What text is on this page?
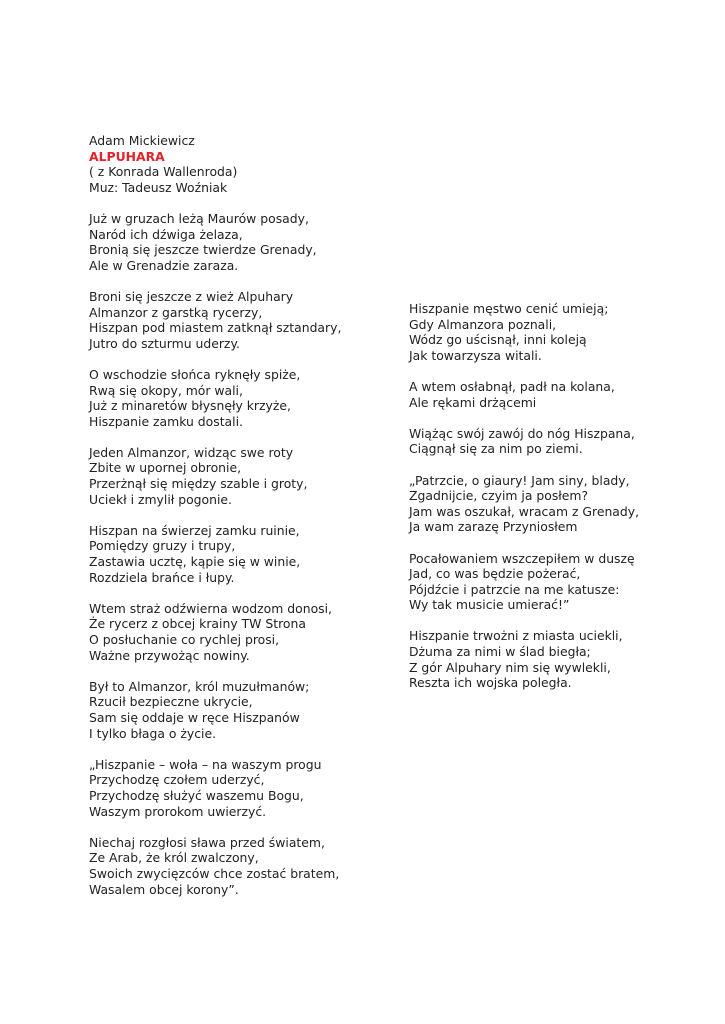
Adam Mickiewicz
ALPUHARA
( z Konrada Wallenroda)
Muz: Tadeusz Woźniak
Już w gruzach leżą Maurów posady,
Naród ich dźwiga żelaza,
Bronią się jeszcze twierdze Grenady,
Ale w Grenadzie zaraza.
Broni się jeszcze z wież Alpuhary
Almanzor z garstką rycerzy,
Hiszpan pod miastem zatknął sztandary,
Jutro do szturmu uderzy.
O wschodzie słońca ryknęły spiże,
Rwą się okopy, mór wali,
Już z minaretów błysnęły krzyże,
Hiszpanie zamku dostali.
Jeden Almanzor, widząc swe roty
Zbite w upornej obronie,
Przerżnął się między szable i groty,
Uciekł i zmylił pogonie.
Hiszpan na świerzej zamku ruinie,
Pomiędzy gruzy i trupy,
Zastawia ucztę, kąpie się w winie,
Rozdziela brańce i łupy.
Wtem straż odźwierna wodzom donosi,
Że rycerz z obcej krainy TW Strona
O posłuchanie co rychlej prosi,
Ważne przywożąc nowiny.
Był to Almanzor, król muzułmanów;
Rzucił bezpieczne ukrycie,
Sam się oddaje w ręce Hiszpanów
I tylko błaga o życie.
„Hiszpanie – woła – na waszym progu
Przychodzę czołem uderzyć,
Przychodzę służyć waszemu Bogu,
Waszym prorokom uwierzyć.
Niechaj rozgłosi sława przed światem,
Ze Arab, że król zwalczony,
Swoich zwycięzców chce zostać bratem,
Wasalem obcej korony”.
Hiszpanie męstwo cenić umieją;
Gdy Almanzora poznali,
Wódz go uścisnął, inni koleją
Jak towarzysza witali.
A wtem osłabnął, padł na kolana,
Ale rękami drżącemi
Wiążąc swój zawój do nóg Hiszpana,
Ciągnął się za nim po ziemi.
„Patrzcie, o giaury! Jam siny, blady,
Zgadnijcie, czyim ja posłem?
Jam was oszukał, wracam z Grenady,
Ja wam zarazę Przyniosłem
Pocałowaniem wszczepiłem w duszę
Jad, co was będzie pożerać,
Pójdźcie i patrzcie na me katusze:
Wy tak musicie umierać!”
Hiszpanie trwożni z miasta uciekli,
Dżuma za nimi w ślad biegła;
Z gór Alpuhary nim się wywlekli,
Reszta ich wojska poległa.
